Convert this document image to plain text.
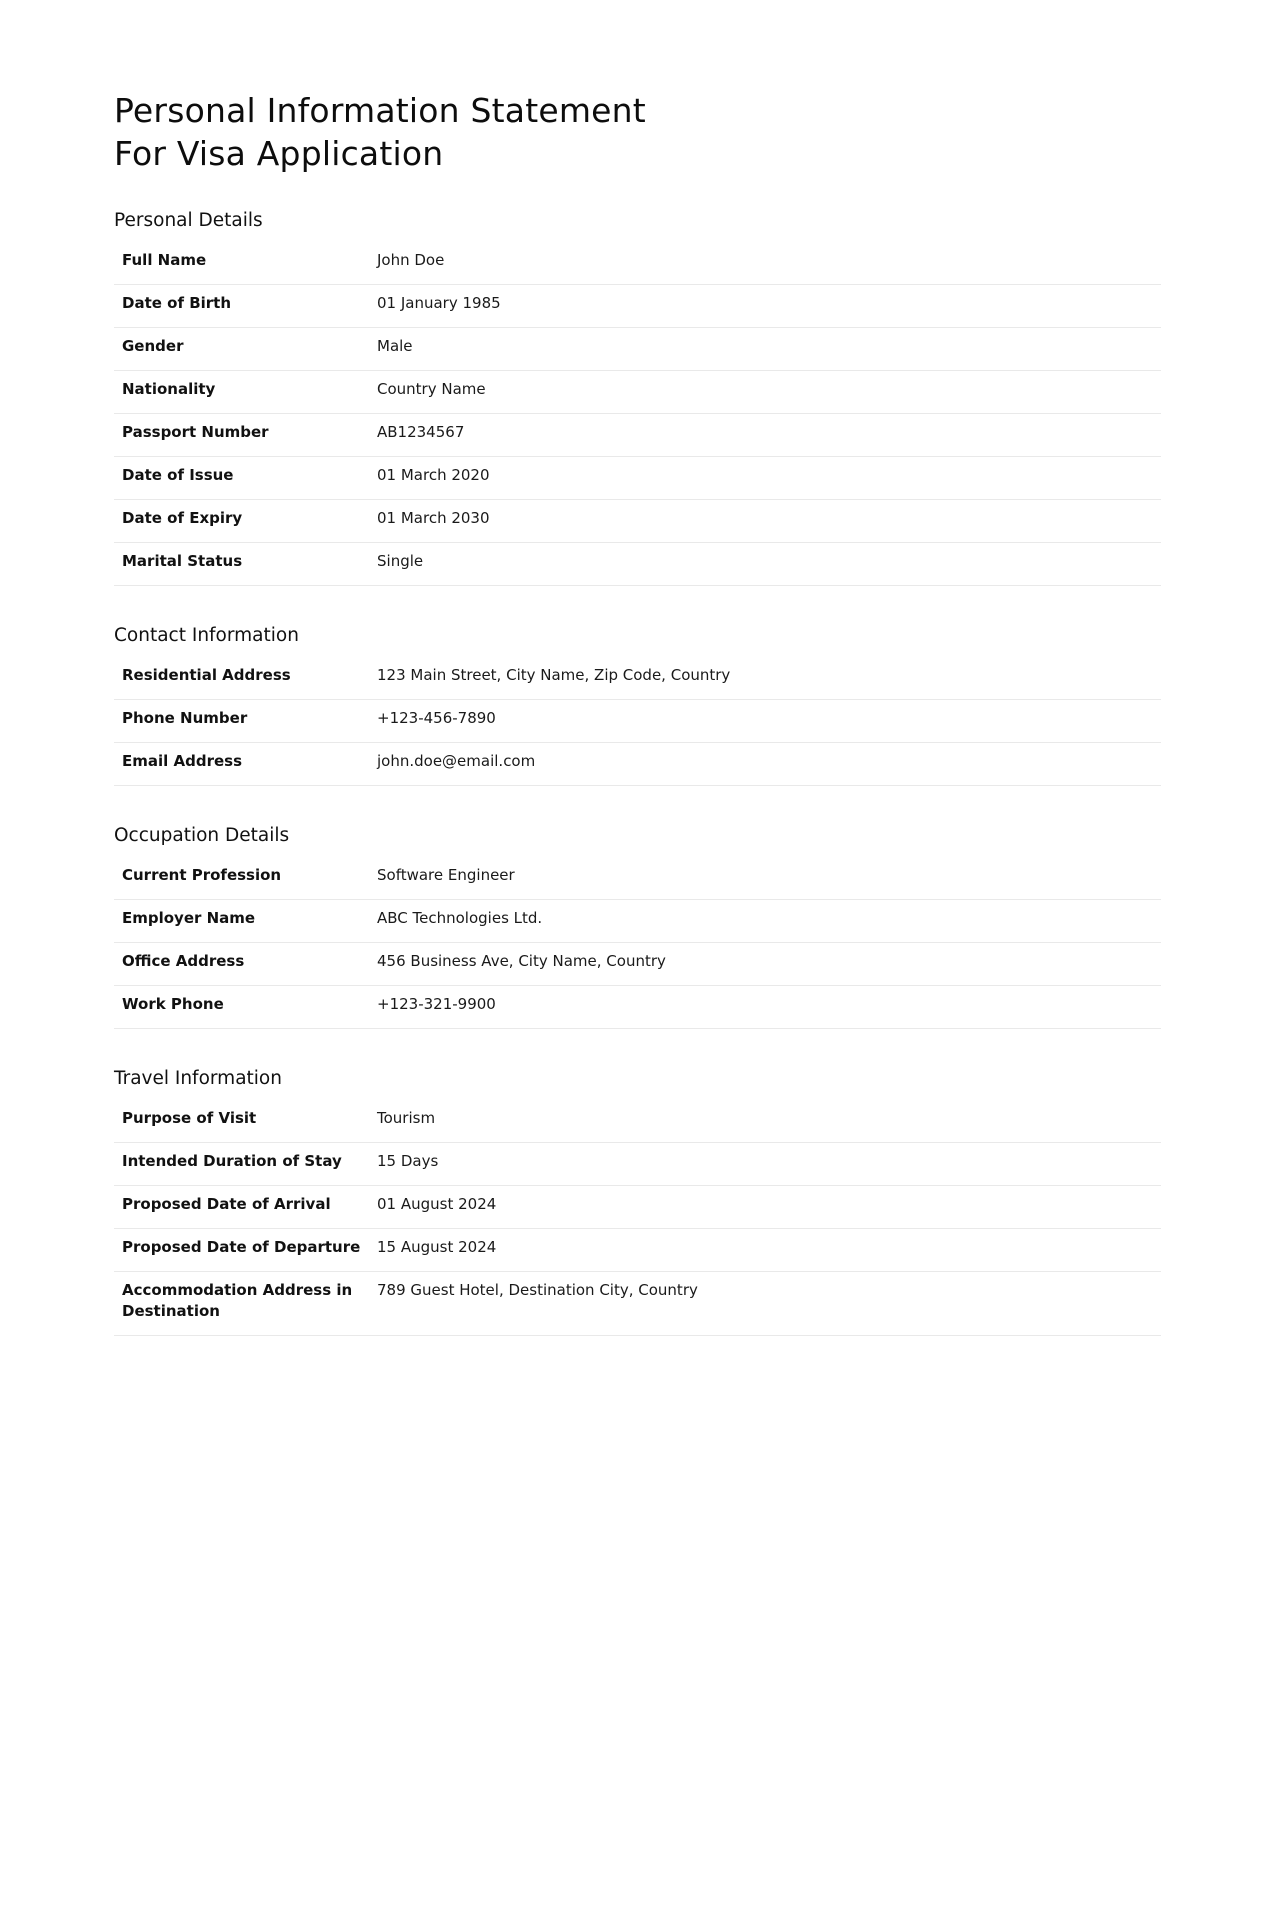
Personal Information Statement
For Visa Application
Personal Details
Full Name	John Doe
Date of Birth	01 January 1985
Gender	Male
Nationality	Country Name
Passport Number	AB1234567
Date of Issue	01 March 2020
Date of Expiry	01 March 2030
Marital Status	Single
Contact Information
Residential Address	123 Main Street, City Name, Zip Code, Country
Phone Number	+123-456-7890
Email Address	john.doe@email.com
Occupation Details
Current Profession	Software Engineer
Employer Name	ABC Technologies Ltd.
Office Address	456 Business Ave, City Name, Country
Work Phone	+123-321-9900
Travel Information
Purpose of Visit	Tourism
Intended Duration of Stay	15 Days
Proposed Date of Arrival	01 August 2024
Proposed Date of Departure	15 August 2024
Accommodation Address in Destination	789 Guest Hotel, Destination City, Country
